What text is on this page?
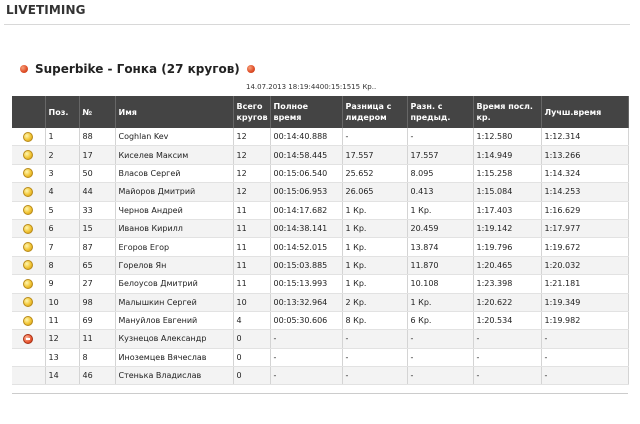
LIVETIMING
Superbike - Гонка (27 кругов)
14.07.2013 18:19:4400:15:1515 Кр..
	Поз.	№	Имя	Всего кругов	Полное время	Разница с лидером	Разн. с предыд.	Время посл. кр.	Лучш.время
	1	88	Coghlan Kev	12	00:14:40.888	-	-	1:12.580	1:12.314
	2	17	Киселев Максим	12	00:14:58.445	17.557	17.557	1:14.949	1:13.266
	3	50	Власов Сергей	12	00:15:06.540	25.652	8.095	1:15.258	1:14.324
	4	44	Майоров Дмитрий	12	00:15:06.953	26.065	0.413	1:15.084	1:14.253
	5	33	Чернов Андрей	11	00:14:17.682	1 Кр.	1 Кр.	1:17.403	1:16.629
	6	15	Иванов Кирилл	11	00:14:38.141	1 Кр.	20.459	1:19.142	1:17.977
	7	87	Егоров Егор	11	00:14:52.015	1 Кр.	13.874	1:19.796	1:19.672
	8	65	Горелов Ян	11	00:15:03.885	1 Кр.	11.870	1:20.465	1:20.032
	9	27	Белоусов Дмитрий	11	00:15:13.993	1 Кр.	10.108	1:23.398	1:21.181
	10	98	Малышкин Сергей	10	00:13:32.964	2 Кр.	1 Кр.	1:20.622	1:19.349
	11	69	Мануйлов Евгений	4	00:05:30.606	8 Кр.	6 Кр.	1:20.534	1:19.982
	12	11	Кузнецов Александр	0	-	-	-	-	-
	13	8	Иноземцев Вячеслав	0	-	-	-	-	-
	14	46	Стенька Владислав	0	-	-	-	-	-
